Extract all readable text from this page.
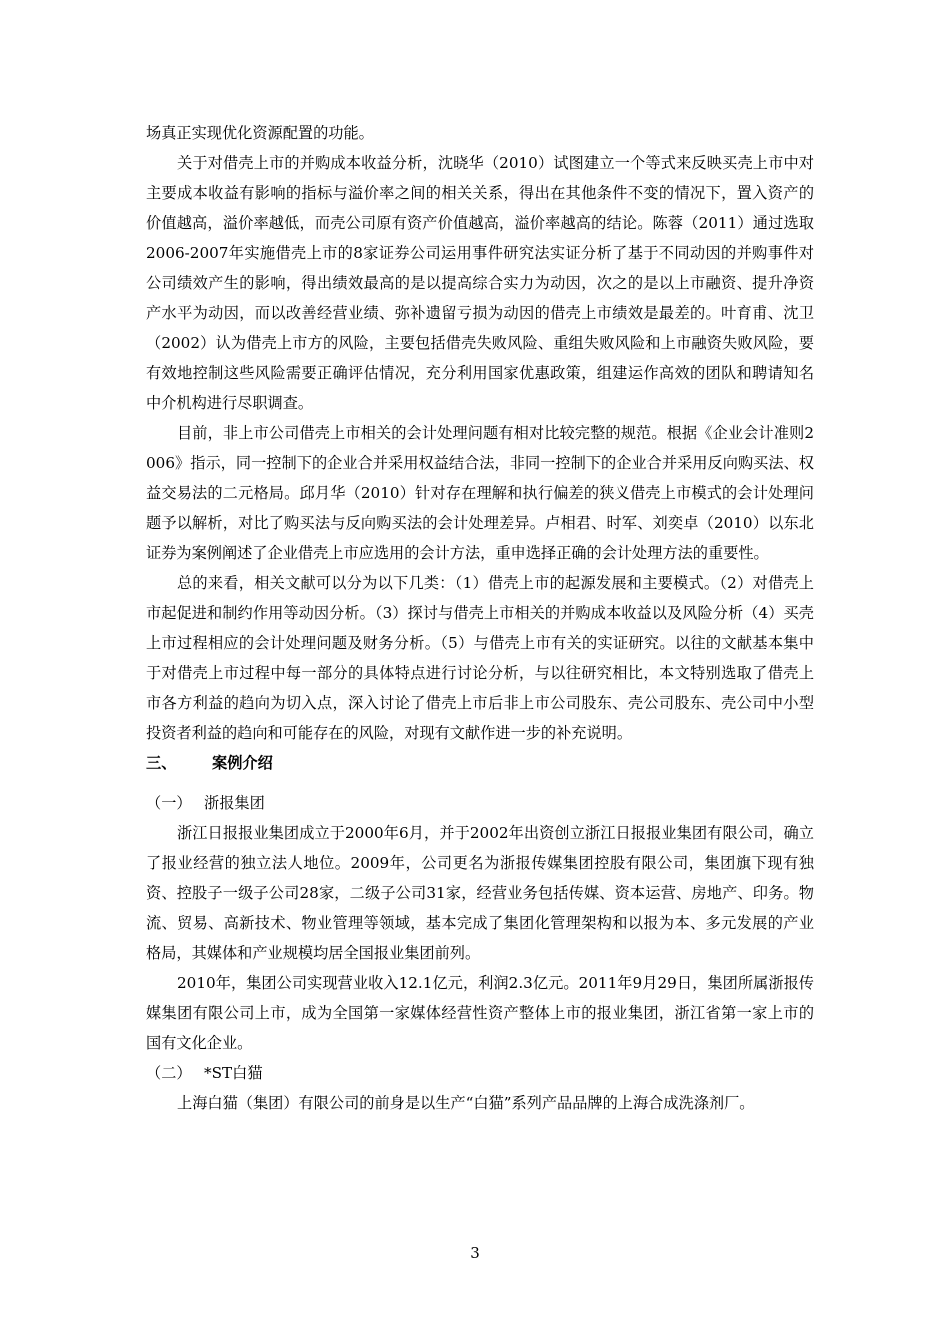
场真正实现优化资源配置的功能。

关于对借壳上市的并购成本收益分析，沈晓华（2010）试图建立一个等式来反映买壳上市中对主要成本收益有影响的指标与溢价率之间的相关关系，得出在其他条件不变的情况下，置入资产的价值越高，溢价率越低，而壳公司原有资产价值越高，溢价率越高的结论。陈蓉（2011）通过选取2006-2007年实施借壳上市的8家证券公司运用事件研究法实证分析了基于不同动因的并购事件对公司绩效产生的影响，得出绩效最高的是以提高综合实力为动因，次之的是以上市融资、提升净资产水平为动因，而以改善经营业绩、弥补遗留亏损为动因的借壳上市绩效是最差的。叶育甫、沈卫（2002）认为借壳上市方的风险，主要包括借壳失败风险、重组失败风险和上市融资失败风险，要有效地控制这些风险需要正确评估情况，充分利用国家优惠政策，组建运作高效的团队和聘请知名中介机构进行尽职调查。

目前，非上市公司借壳上市相关的会计处理问题有相对比较完整的规范。根据《企业会计准则2006》指示，同一控制下的企业合并采用权益结合法，非同一控制下的企业合并采用反向购买法、权益交易法的二元格局。邱月华（2010）针对存在理解和执行偏差的狭义借壳上市模式的会计处理问题予以解析，对比了购买法与反向购买法的会计处理差异。卢相君、时军、刘奕卓（2010）以东北证券为案例阐述了企业借壳上市应选用的会计方法，重申选择正确的会计处理方法的重要性。

总的来看，相关文献可以分为以下几类：（1）借壳上市的起源发展和主要模式。（2）对借壳上市起促进和制约作用等动因分析。（3）探讨与借壳上市相关的并购成本收益以及风险分析（4）买壳上市过程相应的会计处理问题及财务分析。（5）与借壳上市有关的实证研究。以往的文献基本集中于对借壳上市过程中每一部分的具体特点进行讨论分析，与以往研究相比，本文特别选取了借壳上市各方利益的趋向为切入点，深入讨论了借壳上市后非上市公司股东、壳公司股东、壳公司中小型投资者利益的趋向和可能存在的风险，对现有文献作进一步的补充说明。

三、 案例介绍

（一） 浙报集团

浙江日报报业集团成立于2000年6月，并于2002年出资创立浙江日报报业集团有限公司，确立了报业经营的独立法人地位。2009年，公司更名为浙报传媒集团控股有限公司，集团旗下现有独资、控股子一级子公司28家，二级子公司31家，经营业务包括传媒、资本运营、房地产、印务。物流、贸易、高新技术、物业管理等领域，基本完成了集团化管理架构和以报为本、多元发展的产业格局，其媒体和产业规模均居全国报业集团前列。

2010年，集团公司实现营业收入12.1亿元，利润2.3亿元。2011年9月29日，集团所属浙报传媒集团有限公司上市，成为全国第一家媒体经营性资产整体上市的报业集团，浙江省第一家上市的国有文化企业。

（二） *ST白猫

上海白猫（集团）有限公司的前身是以生产“白猫”系列产品品牌的上海合成洗涤剂厂。

3
